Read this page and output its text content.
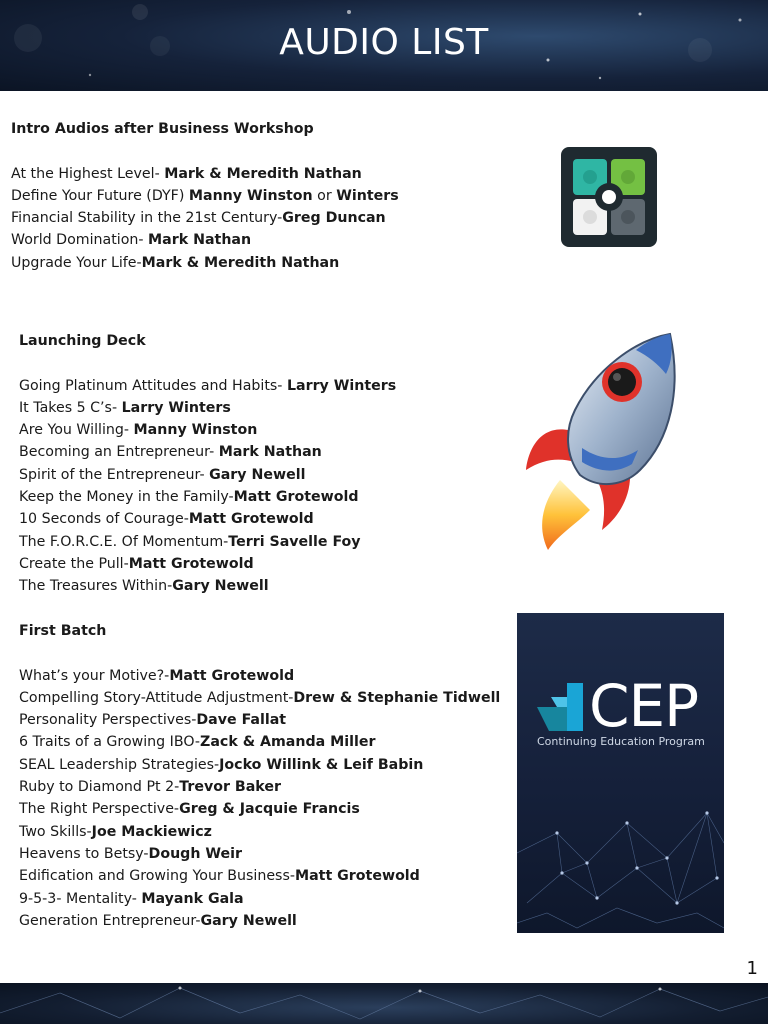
AUDIO LIST
Intro Audios after Business Workshop
At the Highest Level- Mark & Meredith Nathan
Define Your Future (DYF) Manny Winston or Winters
Financial Stability in the 21st Century-Greg Duncan
World Domination- Mark Nathan
Upgrade Your Life-Mark & Meredith Nathan
Launching Deck
Going Platinum Attitudes and Habits- Larry Winters
It Takes 5 C’s- Larry Winters
Are You Willing- Manny Winston
Becoming an Entrepreneur- Mark Nathan
Spirit of the Entrepreneur- Gary Newell
Keep the Money in the Family-Matt Grotewold
10 Seconds of Courage-Matt Grotewold
The F.O.R.C.E. Of Momentum-Terri Savelle Foy
Create the Pull-Matt Grotewold
The Treasures Within-Gary Newell
First Batch
What’s your Motive?-Matt Grotewold
Compelling Story-Attitude Adjustment-Drew & Stephanie Tidwell
Personality Perspectives-Dave Fallat
6 Traits of a Growing IBO-Zack & Amanda Miller
SEAL Leadership Strategies-Jocko Willink & Leif Babin
Ruby to Diamond Pt 2-Trevor Baker
The Right Perspective-Greg & Jacquie Francis
Two Skills-Joe Mackiewicz
Heavens to Betsy-Dough Weir
Edification and Growing Your Business-Matt Grotewold
9-5-3- Mentality- Mayank Gala
Generation Entrepreneur-Gary Newell
CEP
Continuing Education Program
1
